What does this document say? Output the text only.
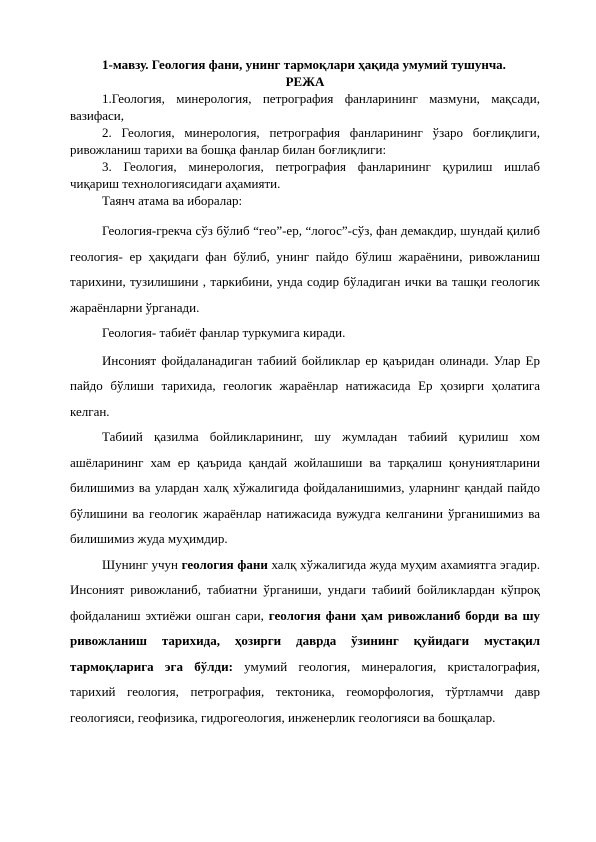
1-мавзу. Геология фани, унинг тармоқлари ҳақида умумий тушунча.

РЕЖА

1.Геология, минерология, петрография фанларининг мазмуни, мақсади, вазифаси,

2. Геология, минерология, петрография фанларининг ўзаро боғлиқлиги, ривожланиш тарихи ва бошқа фанлар билан боғлиқлиги:

3. Геология, минерология, петрография фанларининг қурилиш ишлаб чиқариш технологиясидаги аҳамияти.

Таянч атама ва иборалар:

Геология-грекча сўз бўлиб “гео”-ер, “логос”-сўз, фан демакдир, шундай қилиб геология- ер ҳақидаги фан бўлиб, унинг пайдо бўлиш жараёнини, ривожланиш тарихини, тузилишини , таркибини, унда содир бўладиган ички ва ташқи геологик жараёнларни ўрганади.

Геология- табиёт фанлар туркумига киради.

Инсоният фойдаланадиган табиий бойликлар ер қаъридан олинади. Улар Ер пайдо бўлиши тарихида, геологик жараёнлар натижасида Ер ҳозирги ҳолатига келган.

Табиий қазилма бойликларининг, шу жумладан табиий қурилиш хом ашёларининг хам ер қаърида қандай жойлашиши ва тарқалиш қонуниятларини билишимиз ва улардан халқ хўжалигида фойдаланишимиз, уларнинг қандай пайдо бўлишини ва геологик жараёнлар натижасида вужудга келганини ўрганишимиз ва билишимиз жуда муҳимдир.

Шунинг учун геология фани халқ хўжалигида жуда муҳим ахамиятга эгадир. Инсоният ривожланиб, табиатни ўрганиши, ундаги табиий бойликлардан кўпроқ фойдаланиш эхтиёжи ошган сари, геология фани ҳам ривожланиб борди ва шу ривожланиш тарихида, ҳозирги даврда ўзининг қуйидаги мустақил тармоқларига эга бўлди: умумий геология, минералогия, кристалография, тарихий геология, петрография, тектоника, геоморфология, тўртламчи давр геологияси, геофизика, гидрогеология, инженерлик геологияси ва бошқалар.
